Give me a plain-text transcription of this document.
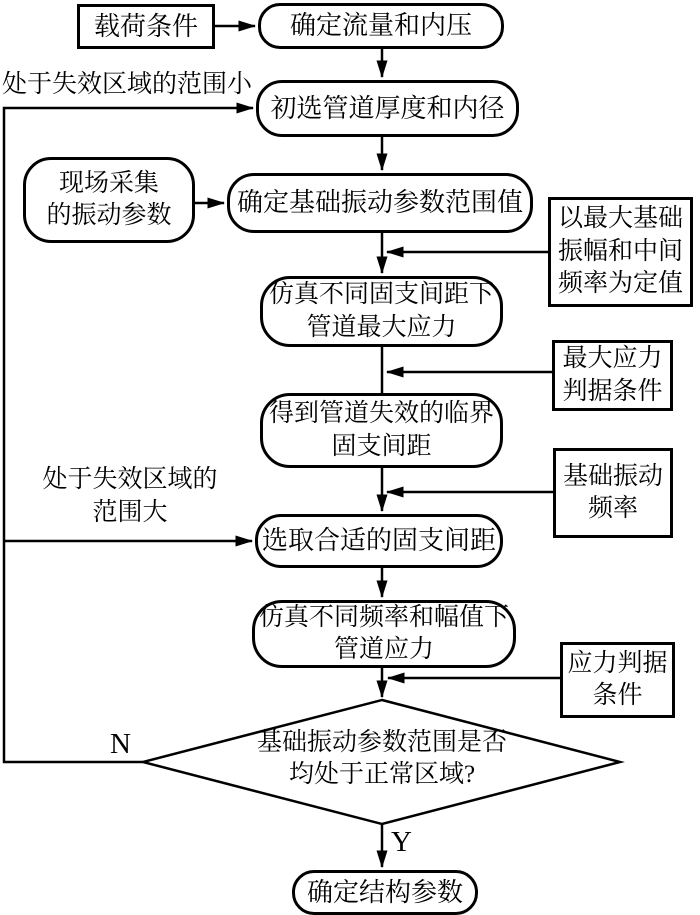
载荷条件	确定流量和内压
初选管道厚度和内径
现场采集
的振动参数	确定基础振动参数范围值
以最大基础
振幅和中间
频率为定值
仿真不同固支间距下
管道最大应力
最大应力
判据条件
得到管道失效的临界
固支间距
基础振动
频率
选取合适的固支间距
仿真不同频率和幅值下
管道应力	应力判据
条件
基础振动参数范围是否
均处于正常区域?
确定结构参数
处于失效区域的范围小
处于失效区域的
范围大
N
Y
